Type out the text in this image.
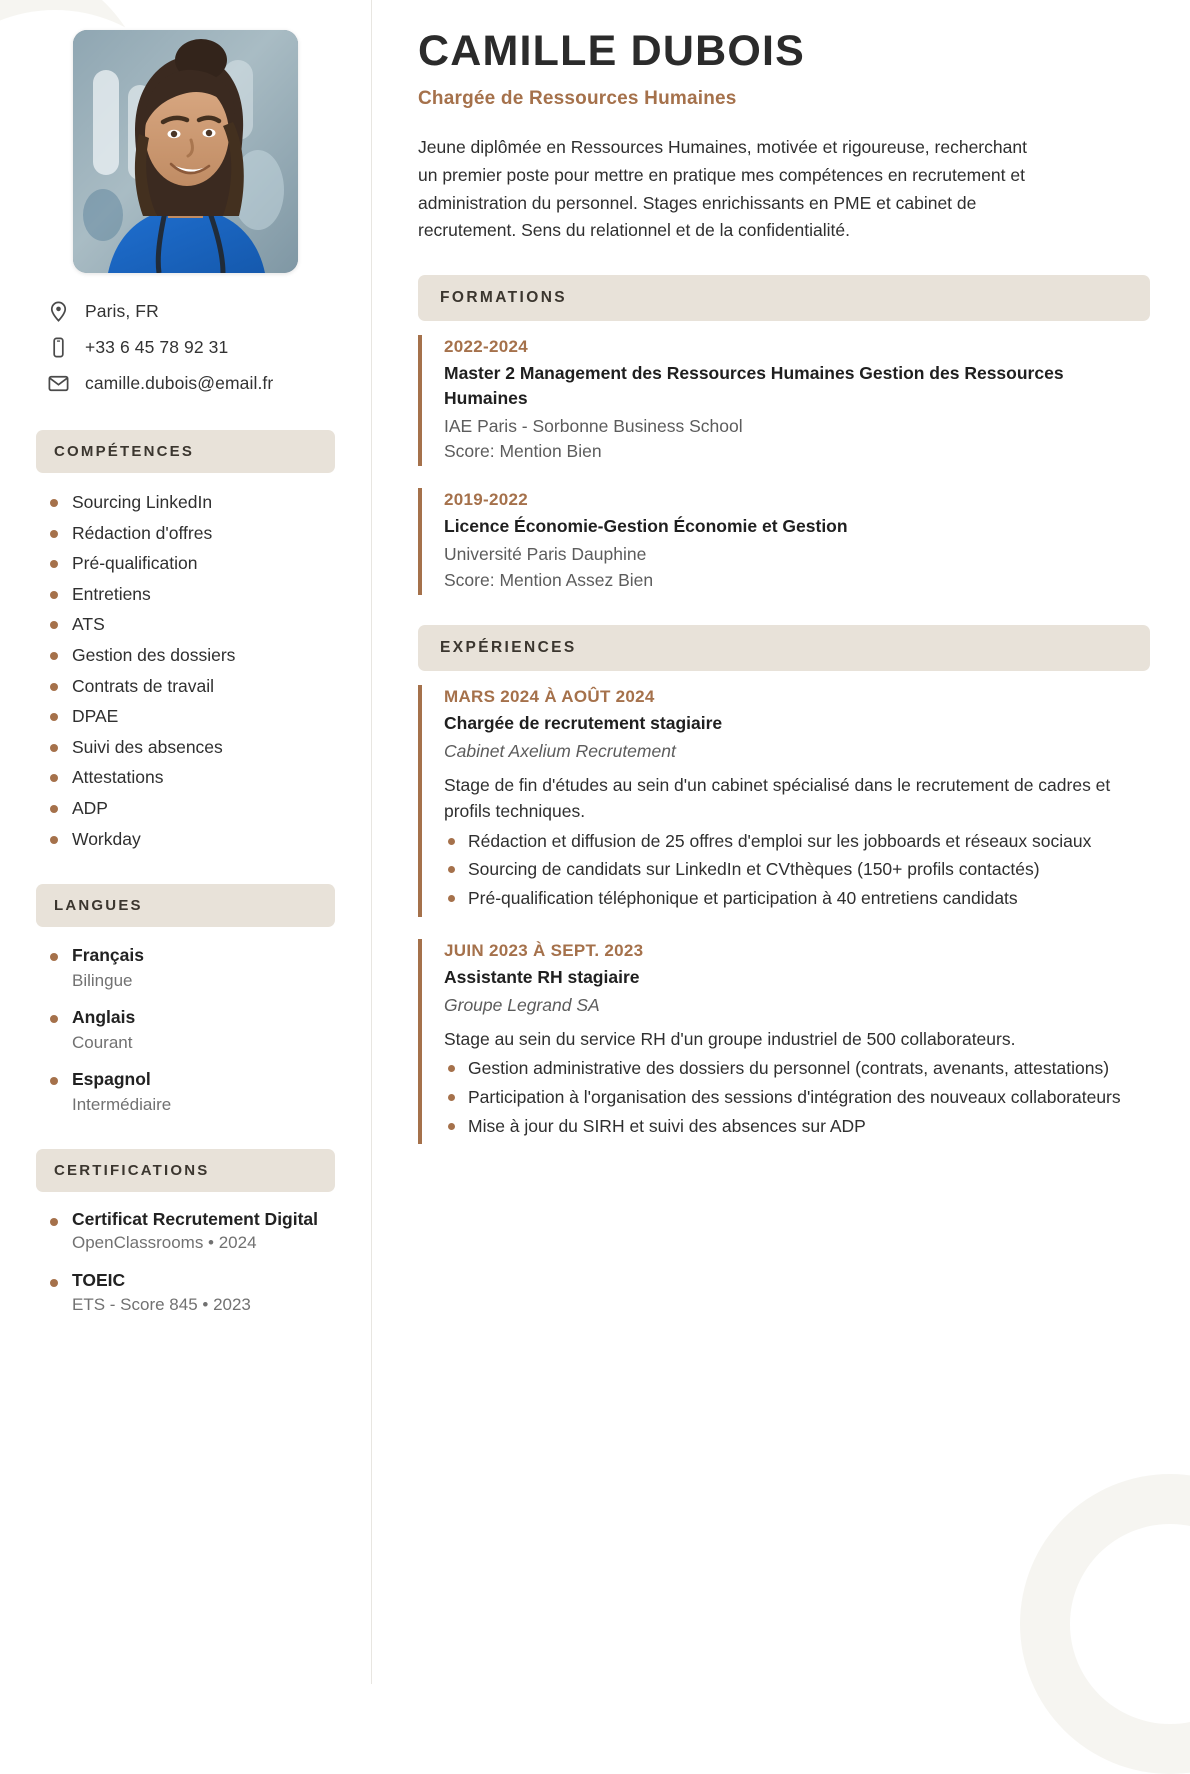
Paris, FR
+33 6 45 78 92 31
camille.dubois@email.fr
COMPÉTENCES
Sourcing LinkedIn
Rédaction d'offres
Pré-qualification
Entretiens
ATS
Gestion des dossiers
Contrats de travail
DPAE
Suivi des absences
Attestations
ADP
Workday
LANGUES
Français
Bilingue
Anglais
Courant
Espagnol
Intermédiaire
CERTIFICATIONS
Certificat Recrutement Digital
OpenClassrooms • 2024
TOEIC
ETS - Score 845 • 2023
CAMILLE DUBOIS
Chargée de Ressources Humaines

Jeune diplômée en Ressources Humaines, motivée et rigoureuse, recherchant un premier poste pour mettre en pratique mes compétences en recrutement et administration du personnel. Stages enrichissants en PME et cabinet de recrutement. Sens du relationnel et de la confidentialité.

FORMATIONS
2022-2024
Master 2 Management des Ressources Humaines Gestion des Ressources Humaines
IAE Paris - Sorbonne Business School
Score: Mention Bien
2019-2022
Licence Économie-Gestion Économie et Gestion
Université Paris Dauphine
Score: Mention Assez Bien
EXPÉRIENCES
MARS 2024 À AOÛT 2024
Chargée de recrutement stagiaire
Cabinet Axelium Recrutement
Stage de fin d'études au sein d'un cabinet spécialisé dans le recrutement de cadres et profils techniques.
Rédaction et diffusion de 25 offres d'emploi sur les jobboards et réseaux sociaux
Sourcing de candidats sur LinkedIn et CVthèques (150+ profils contactés)
Pré-qualification téléphonique et participation à 40 entretiens candidats
JUIN 2023 À SEPT. 2023
Assistante RH stagiaire
Groupe Legrand SA
Stage au sein du service RH d'un groupe industriel de 500 collaborateurs.
Gestion administrative des dossiers du personnel (contrats, avenants, attestations)
Participation à l'organisation des sessions d'intégration des nouveaux collaborateurs
Mise à jour du SIRH et suivi des absences sur ADP
